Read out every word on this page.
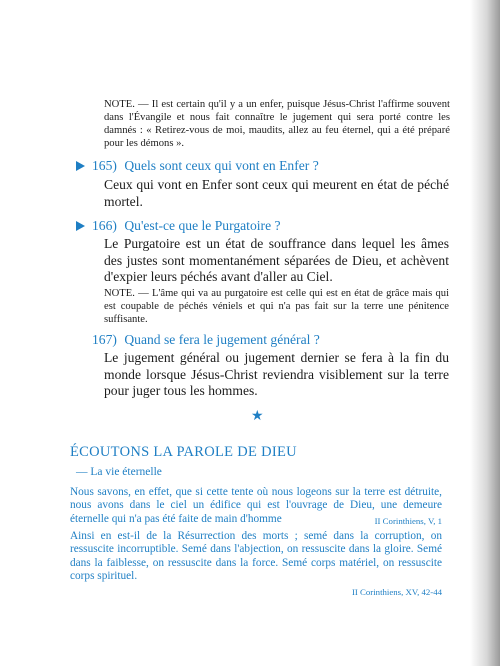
NOTE. — Il est certain qu'il y a un enfer, puisque Jésus-Christ l'affirme souvent dans l'Évangile et nous fait connaître le jugement qui sera porté contre les damnés : « Retirez-vous de moi, maudits, allez au feu éternel, qui a été préparé pour les démons ».
165) Quels sont ceux qui vont en Enfer ?
Ceux qui vont en Enfer sont ceux qui meurent en état de péché mortel.
166) Qu'est-ce que le Purgatoire ?
Le Purgatoire est un état de souffrance dans lequel les âmes des justes sont momentanément séparées de Dieu, et achèvent d'expier leurs péchés avant d'aller au Ciel.
NOTE. — L'âme qui va au purgatoire est celle qui est en état de grâce mais qui est coupable de péchés véniels et qui n'a pas fait sur la terre une pénitence suffisante.
167) Quand se fera le jugement général ?
Le jugement général ou jugement dernier se fera à la fin du monde lorsque Jésus-Christ reviendra visiblement sur la terre pour juger tous les hommes.
★
ÉCOUTONS LA PAROLE DE DIEU
— La vie éternelle
Nous savons, en effet, que si cette tente où nous logeons sur la terre est détruite, nous avons dans le ciel un édifice qui est l'ouvrage de Dieu, une demeure éternelle qui n'a pas été faite de main d'homme	II Corinthiens, V, 1
Ainsi en est-il de la Résurrection des morts ; semé dans la corruption, on ressuscite incorruptible. Semé dans l'abjection, on ressuscite dans la gloire. Semé dans la faiblesse, on ressuscite dans la force. Semé corps matériel, on ressuscite corps spirituel.
II Corinthiens, XV, 42-44
